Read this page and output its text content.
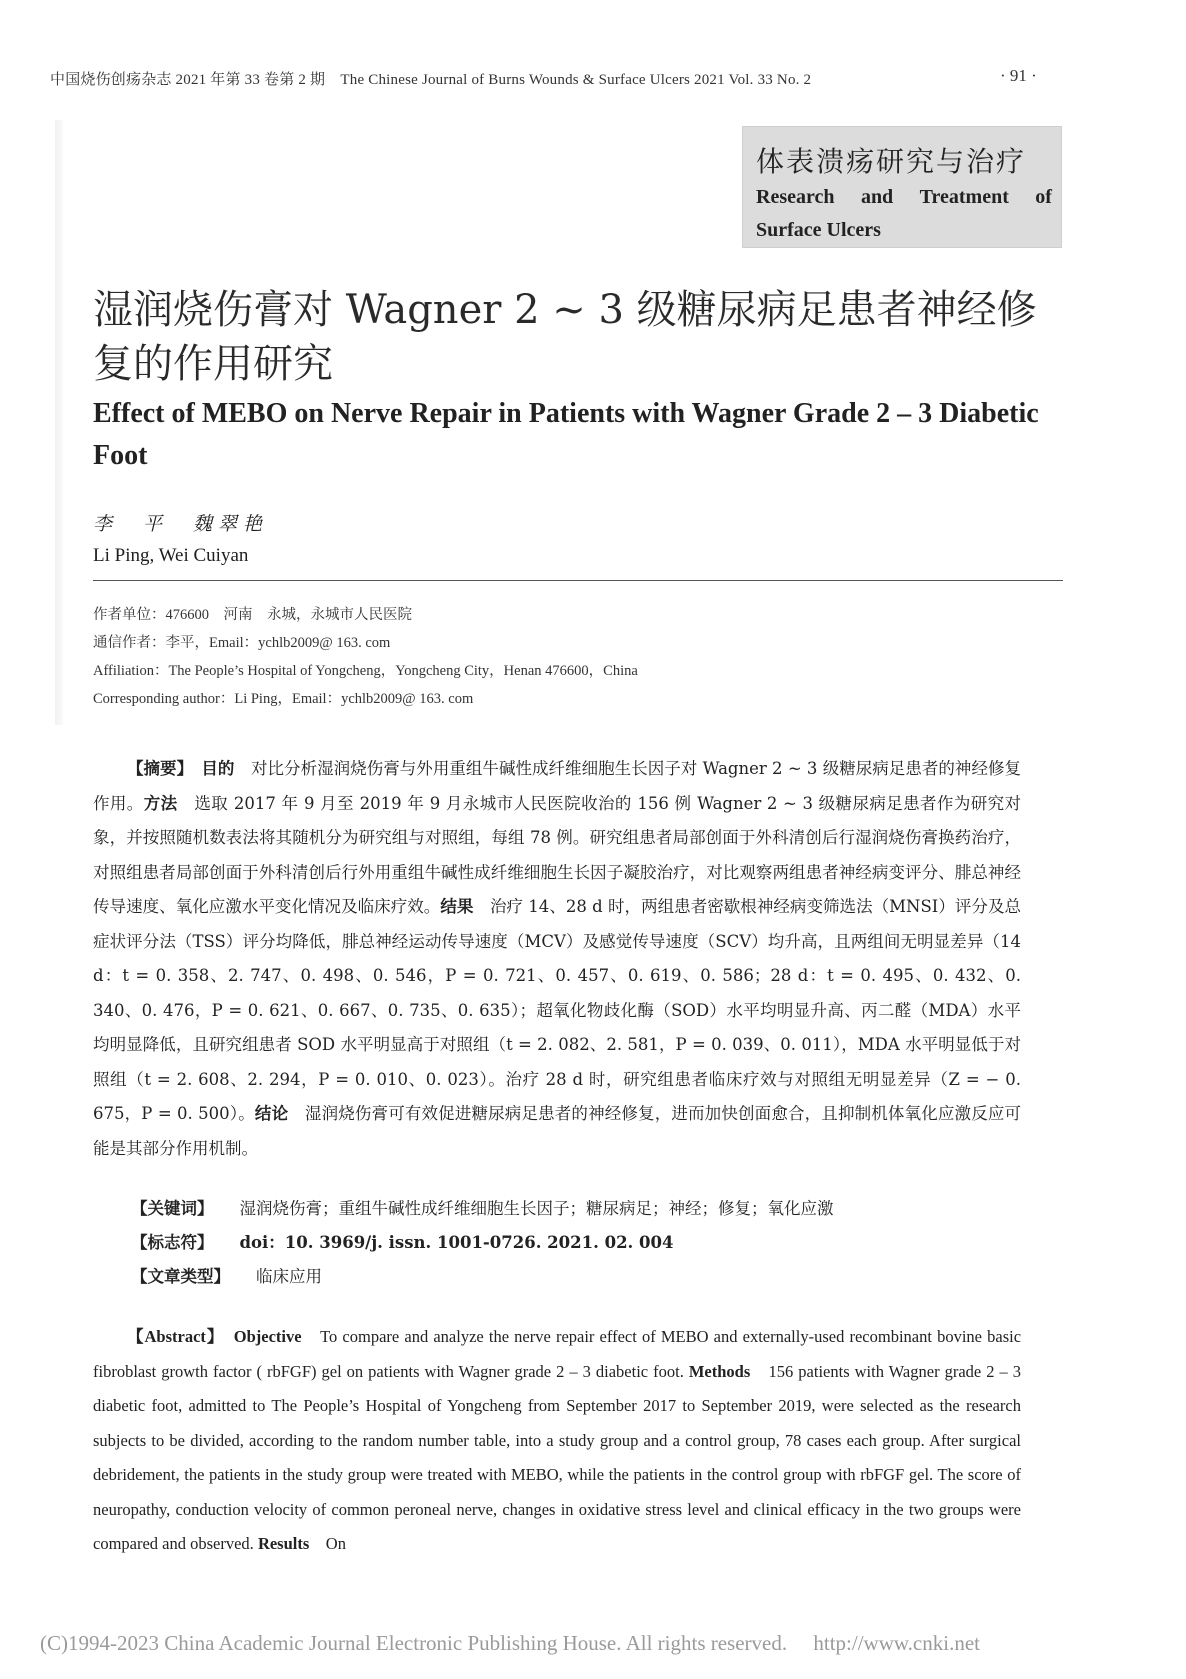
中国烧伤创疡杂志 2021 年第 33 卷第 2 期　The Chinese Journal of Burns Wounds & Surface Ulcers 2021 Vol. 33 No. 2	· 91 ·
体表溃疡研究与治疗
Research and Treatment of
Surface Ulcers
湿润烧伤膏对 Wagner 2 ~ 3 级糖尿病足患者神经修复的作用研究
Effect of MEBO on Nerve Repair in Patients with Wagner Grade 2 – 3 Diabetic Foot
李　平　魏翠艳
Li Ping, Wei Cuiyan
作者单位：476600　河南　永城，永城市人民医院
通信作者：李平，Email：ychlb2009@ 163. com
Affiliation：The People’s Hospital of Yongcheng，Yongcheng City，Henan 476600，China
Corresponding author：Li Ping，Email：ychlb2009@ 163. com
【摘要】　 目的　 对比分析湿润烧伤膏与外用重组牛碱性成纤维细胞生长因子对 Wagner 2 ~ 3 级糖尿病足患者的神经修复作用。方法　 选取 2017 年 9 月至 2019 年 9 月永城市人民医院收治的 156 例 Wagner 2 ~ 3 级糖尿病足患者作为研究对象，并按照随机数表法将其随机分为研究组与对照组，每组 78 例。研究组患者局部创面于外科清创后行湿润烧伤膏换药治疗，对照组患者局部创面于外科清创后行外用重组牛碱性成纤维细胞生长因子凝胶治疗，对比观察两组患者神经病变评分、腓总神经传导速度、氧化应激水平变化情况及临床疗效。结果　 治疗 14、28 d 时，两组患者密歇根神经病变筛选法（MNSI）评分及总症状评分法（TSS）评分均降低，腓总神经运动传导速度（MCV）及感觉传导速度（SCV）均升高，且两组间无明显差异（14 d：t = 0. 358、2. 747、0. 498、0. 546，P = 0. 721、0. 457、0. 619、0. 586；28 d：t = 0. 495、0. 432、0. 340、0. 476，P = 0. 621、0. 667、0. 735、0. 635）；超氧化物歧化酶（SOD）水平均明显升高、丙二醛（MDA）水平均明显降低，且研究组患者 SOD 水平明显高于对照组（t = 2. 082、2. 581，P = 0. 039、0. 011），MDA 水平明显低于对照组（t = 2. 608、2. 294，P = 0. 010、0. 023）。治疗 28 d 时，研究组患者临床疗效与对照组无明显差异（Z = − 0. 675，P = 0. 500）。结论　 湿润烧伤膏可有效促进糖尿病足患者的神经修复，进而加快创面愈合，且抑制机体氧化应激反应可能是其部分作用机制。
【关键词】 湿润烧伤膏；重组牛碱性成纤维细胞生长因子；糖尿病足；神经；修复；氧化应激
【标志符】 doi：10. 3969/j. issn. 1001-0726. 2021. 02. 004
【文章类型】 临床应用
【Abstract】　 Objective　 To compare and analyze the nerve repair effect of MEBO and externally-used recombinant bovine basic fibroblast growth factor ( rbFGF) gel on patients with Wagner grade 2 – 3 diabetic foot. Methods　 156 patients with Wagner grade 2 – 3 diabetic foot, admitted to The People’s Hospital of Yongcheng from September 2017 to September 2019, were selected as the research subjects to be divided, according to the random number table, into a study group and a control group, 78 cases each group. After surgical debridement, the patients in the study group were treated with MEBO, while the patients in the control group with rbFGF gel. The score of neuropathy, conduction velocity of common peroneal nerve, changes in oxidative stress level and clinical efficacy in the two groups were compared and observed. Results　 On
(C)1994-2023 China Academic Journal Electronic Publishing House. All rights reserved.　 http://www.cnki.net
